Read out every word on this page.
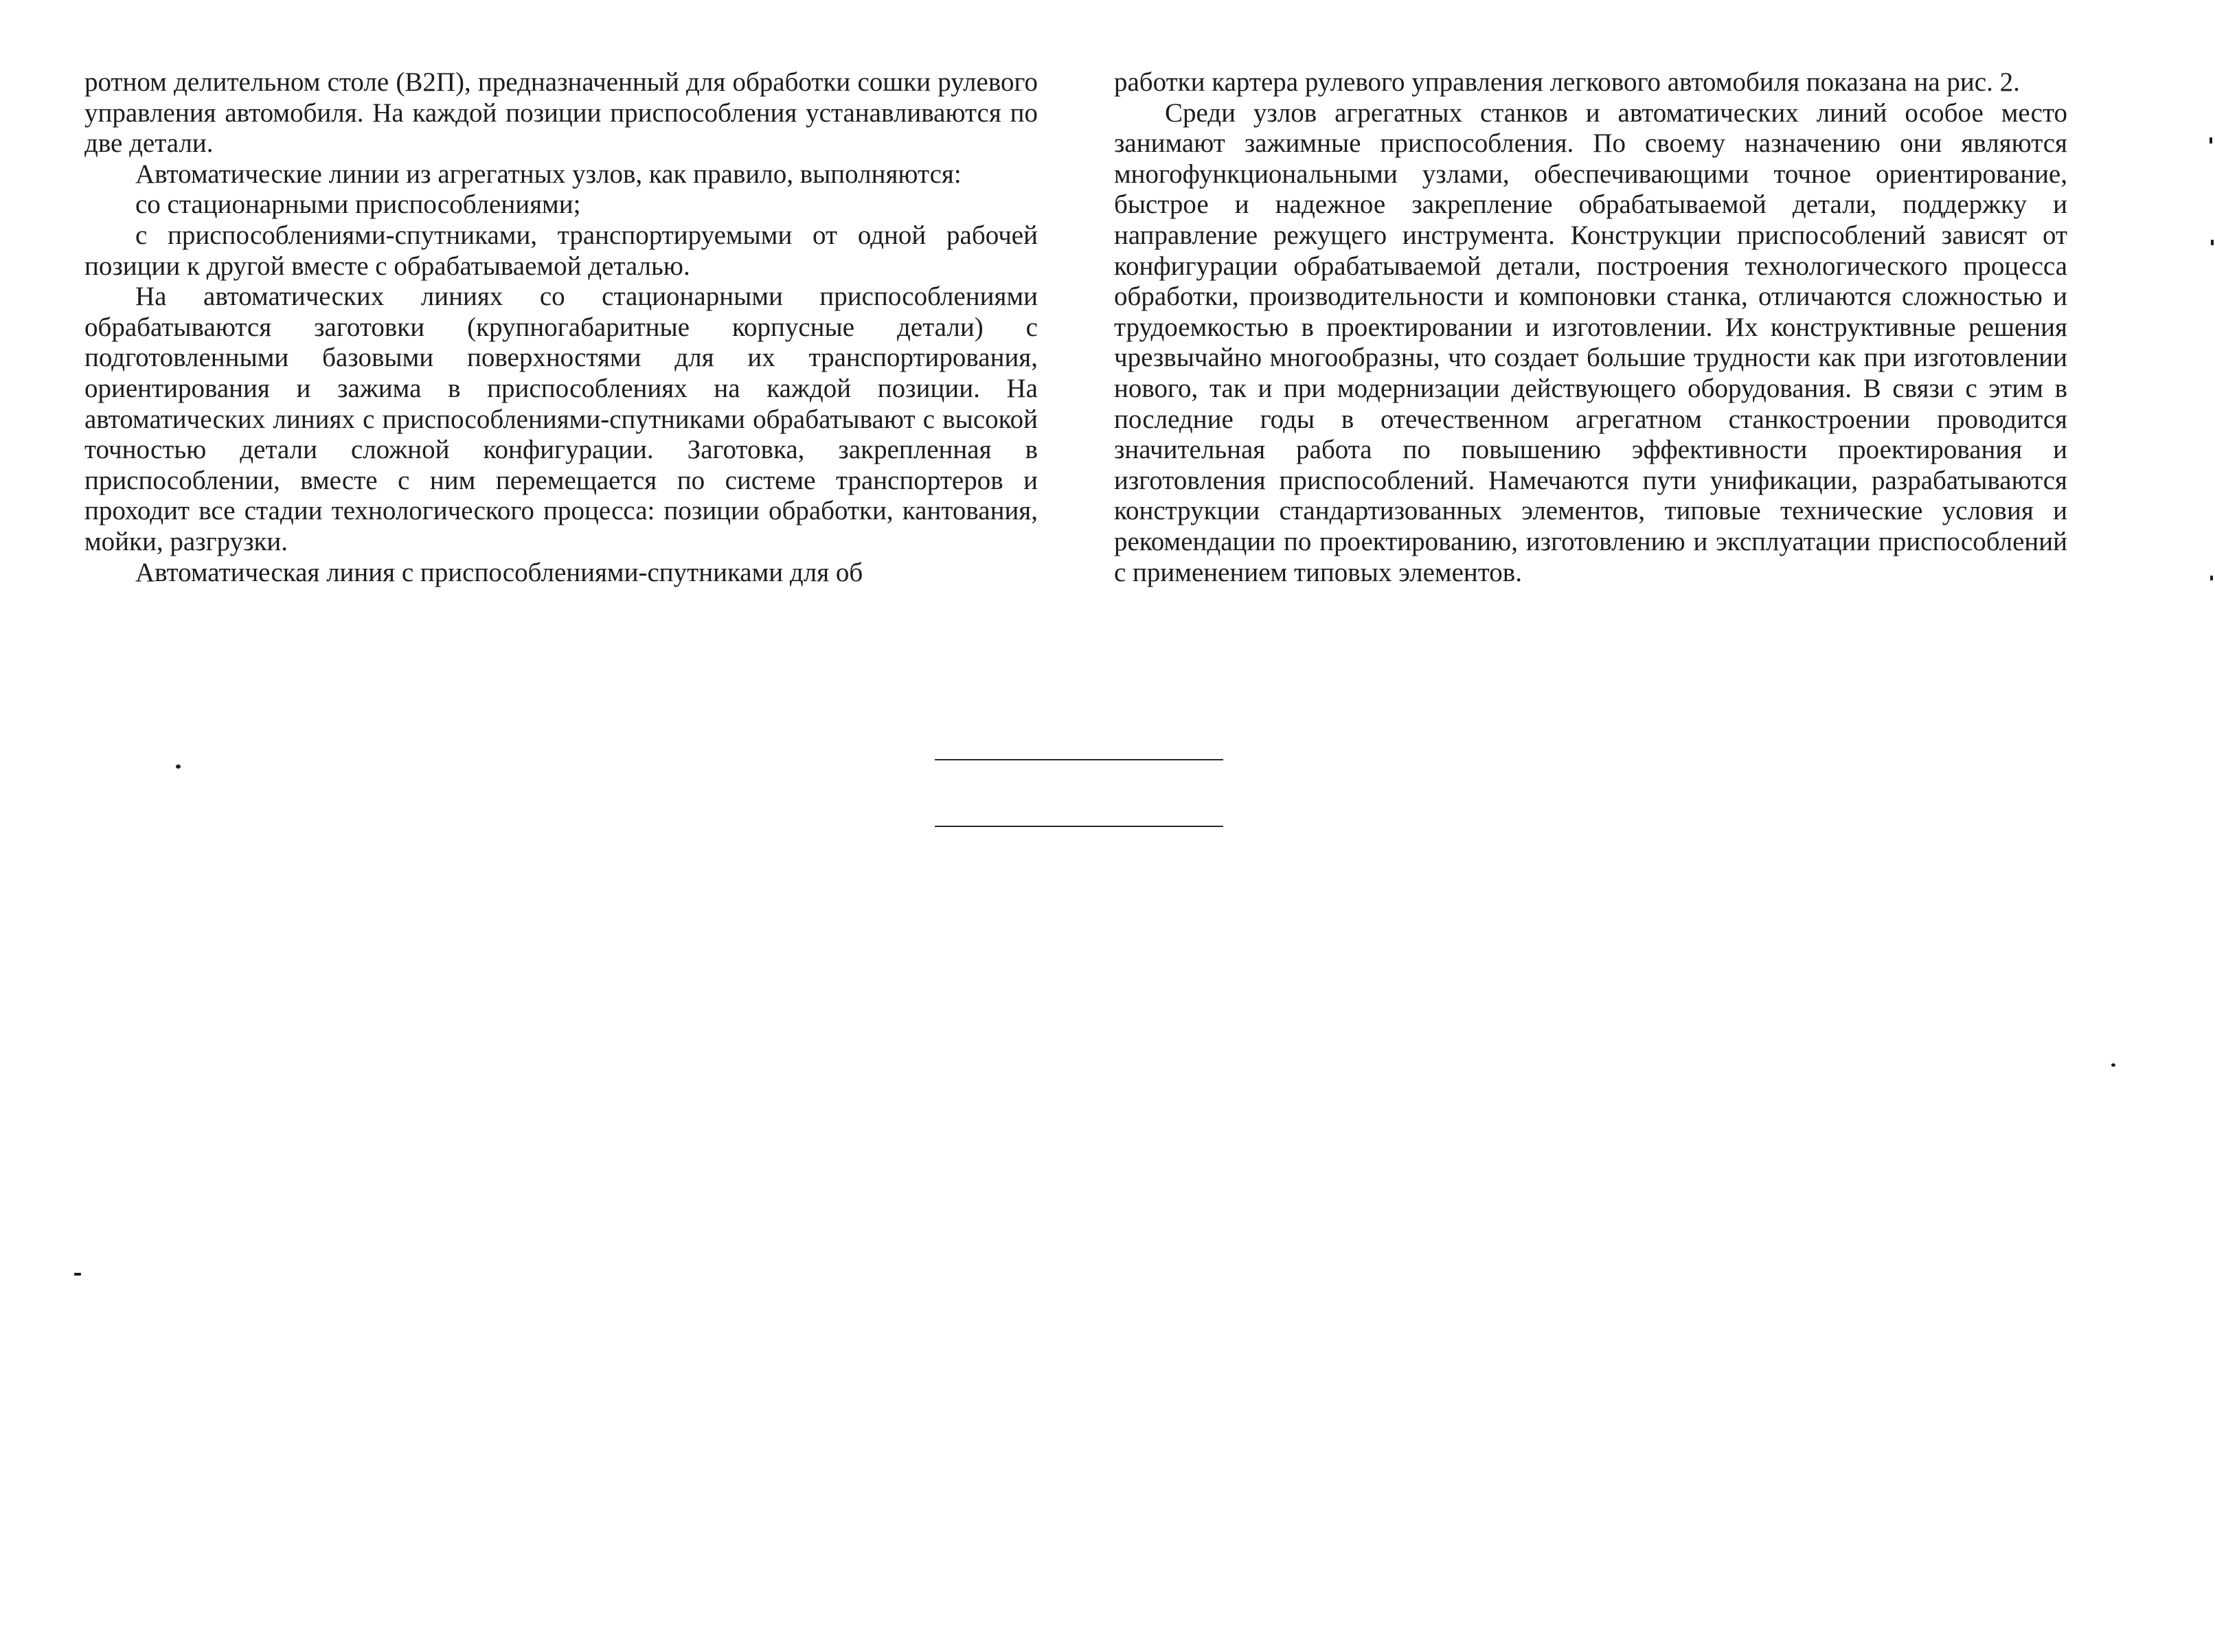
ротном делительном столе (В2П), предназначенный для обработки сошки рулевого управления автомобиля. На каждой позиции приспособления устанавливаются по две детали.

Автоматические линии из агрегатных узлов, как правило, выполняются:

со стационарными приспособлениями;

с приспособлениями-спутниками, транспортируемыми от одной рабочей позиции к другой вместе с обрабатываемой деталью.

На автоматических линиях со стационарными приспособлениями обрабатываются заготовки (крупногабаритные корпусные детали) с подготовленными базовыми поверхностями для их транспортирования, ориентирования и зажима в приспособлениях на каждой позиции. На автоматических линиях с приспособлениями-спутниками обрабатывают с высокой точностью детали сложной конфигурации. Заготовка, закрепленная в приспособлении, вместе с ним перемещается по системе транспортеров и проходит все стадии технологического процесса: позиции обработки, кантования, мойки, разгрузки.

Автоматическая линия с приспособлениями-спутниками для об

работки картера рулевого управления легкового автомобиля показана на рис. 2.

Среди узлов агрегатных станков и автоматических линий особое место занимают зажимные приспособления. По своему назначению они являются многофункциональными узлами, обеспечивающими точное ориентирование, быстрое и надежное закрепление обрабатываемой детали, поддержку и направление режущего инструмента. Конструкции приспособлений зависят от конфигурации обрабатываемой детали, построения технологического процесса обработки, производительности и компоновки станка, отличаются сложностью и трудоемкостью в проектировании и изготовлении. Их конструктивные решения чрезвычайно многообразны, что создает большие трудности как при изготовлении нового, так и при модернизации действующего оборудования. В связи с этим в последние годы в отечественном агрегатном станкостроении проводится значительная работа по повышению эффективности проектирования и изготовления приспособлений. Намечаются пути унификации, разрабатываются конструкции стандартизованных элементов, типовые технические условия и рекомендации по проектированию, изготовлению и эксплуатации приспособлений с применением типовых элементов.
